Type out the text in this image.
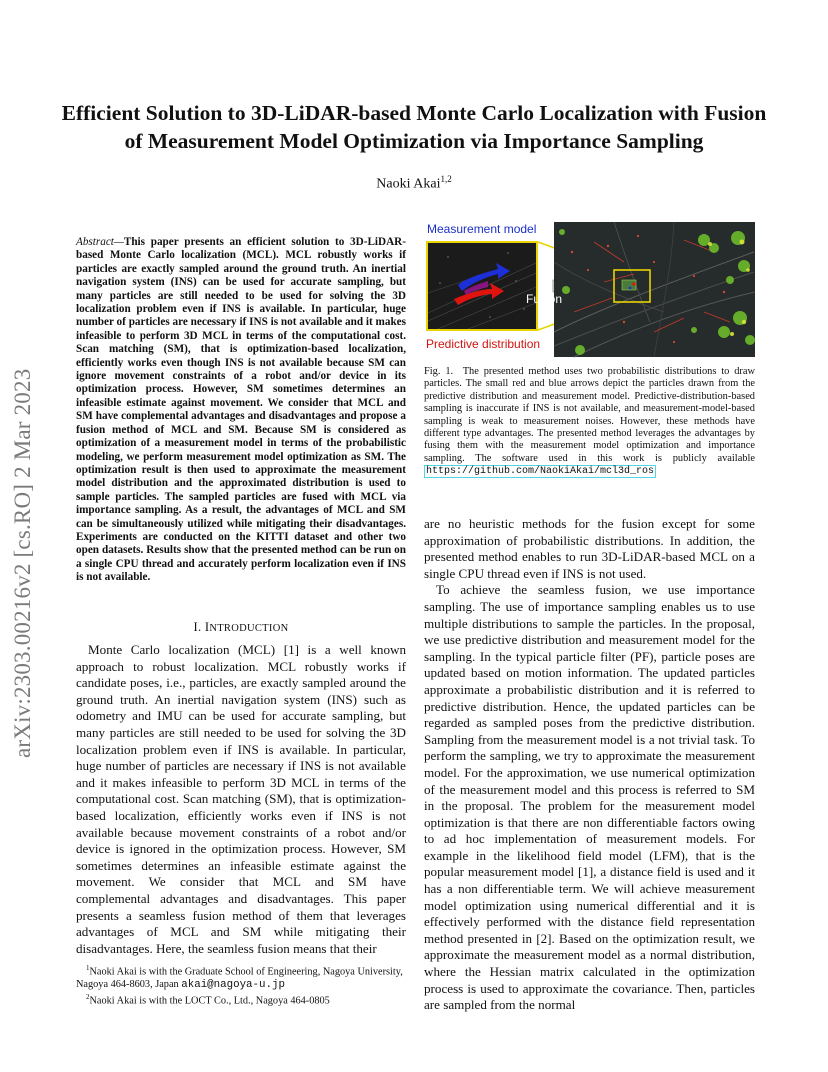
arXiv:2303.00216v2 [cs.RO] 2 Mar 2023
Efficient Solution to 3D-LiDAR-based Monte Carlo Localization with Fusion of Measurement Model Optimization via Importance Sampling
Naoki Akai$^{1,2}$
Abstract—This paper presents an efficient solution to 3D-LiDAR-based Monte Carlo localization (MCL). MCL robustly works if particles are exactly sampled around the ground truth. An inertial navigation system (INS) can be used for accurate sampling, but many particles are still needed to be used for solving the 3D localization problem even if INS is available. In particular, huge number of particles are necessary if INS is not available and it makes infeasible to perform 3D MCL in terms of the computational cost. Scan matching (SM), that is optimization-based localization, efficiently works even though INS is not available because SM can ignore movement constraints of a robot and/or device in its optimization process. However, SM sometimes determines an infeasible estimate against movement. We consider that MCL and SM have complemental advantages and disadvantages and propose a fusion method of MCL and SM. Because SM is considered as optimization of a measurement model in terms of the probabilistic modeling, we perform measurement model optimization as SM. The optimization result is then used to approximate the measurement model distribution and the approximated distribution is used to sample particles. The sampled particles are fused with MCL via importance sampling. As a result, the advantages of MCL and SM can be simultaneously utilized while mitigating their disadvantages. Experiments are conducted on the KITTI dataset and other two open datasets. Results show that the presented method can be run on a single CPU thread and accurately perform localization even if INS is not available.
I. INTRODUCTION

Monte Carlo localization (MCL) [1] is a well known approach to robust localization. MCL robustly works if candidate poses, i.e., particles, are exactly sampled around the ground truth. An inertial navigation system (INS) such as odometry and IMU can be used for accurate sampling, but many particles are still needed to be used for solving the 3D localization problem even if INS is available. In particular, huge number of particles are necessary if INS is not available and it makes infeasible to perform 3D MCL in terms of the computational cost. Scan matching (SM), that is optimization-based localization, efficiently works even if INS is not available because movement constraints of a robot and/or device is ignored in the optimization process. However, SM sometimes determines an infeasible estimate against the movement. We consider that MCL and SM have complemental advantages and disadvantages. This paper presents a seamless fusion method of them that leverages advantages of MCL and SM while mitigating their disadvantages. Here, the seamless fusion means that their

$^1$Naoki Akai is with the Graduate School of Engineering, Nagoya University, Nagoya 464-8603, Japan akai@nagoya-u.jp
$^2$Naoki Akai is with the LOCT Co., Ltd., Nagoya 464-0805
Measurement model
Predictive distribution
Fusion
Fig. 1. The presented method uses two probabilistic distributions to draw particles. The small red and blue arrows depict the particles drawn from the predictive distribution and measurement model. Predictive-distribution-based sampling is inaccurate if INS is not available, and measurement-model-based sampling is weak to measurement noises. However, these methods have different type advantages. The presented method leverages the advantages by fusing them with the measurement model optimization and importance sampling. The software used in this work is publicly available https://github.com/NaokiAkai/mcl3d_ros

are no heuristic methods for the fusion except for some approximation of probabilistic distributions. In addition, the presented method enables to run 3D-LiDAR-based MCL on a single CPU thread even if INS is not used.

To achieve the seamless fusion, we use importance sampling. The use of importance sampling enables us to use multiple distributions to sample the particles. In the proposal, we use predictive distribution and measurement model for the sampling. In the typical particle filter (PF), particle poses are updated based on motion information. The updated particles approximate a probabilistic distribution and it is referred to predictive distribution. Hence, the updated particles can be regarded as sampled poses from the predictive distribution. Sampling from the measurement model is a not trivial task. To perform the sampling, we try to approximate the measurement model. For the approximation, we use numerical optimization of the measurement model and this process is referred to SM in the proposal. The problem for the measurement model optimization is that there are non differentiable factors owing to ad hoc implementation of measurement models. For example in the likelihood field model (LFM), that is the popular measurement model [1], a distance field is used and it has a non differentiable term. We will achieve measurement model optimization using numerical differential and it is effectively performed with the distance field representation method presented in [2]. Based on the optimization result, we approximate the measurement model as a normal distribution, where the Hessian matrix calculated in the optimization process is used to approximate the covariance. Then, particles are sampled from the normal
